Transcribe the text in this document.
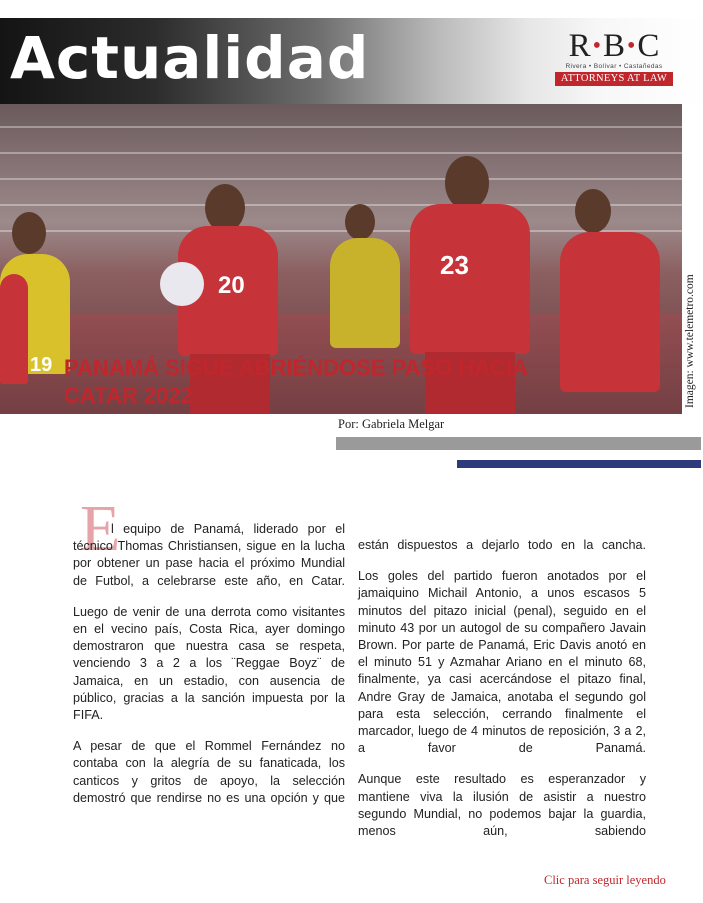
Actualidad	R•B•C
Rivera • Bolívar • Castañedas
ATTORNEYS AT LAW
19
20
23
PANAMÁ SIGUE ABRIÉNDOSE PASO HACIA
CATAR 2022	Imagen: www.telemetro.com
Por: Gabriela Melgar
E

l equipo de Panamá, liderado por el técnico Thomas Christiansen, sigue en la lucha por obtener un pase hacia el próximo Mundial de Futbol, a celebrarse este año, en Catar.

Luego de venir de una derrota como visitantes en el vecino país, Costa Rica, ayer domingo demostraron que nuestra casa se respeta, venciendo 3 a 2 a los ¨Reggae Boyz¨ de Jamaica, en un estadio, con ausencia de público, gracias a la sanción impuesta por la FIFA.

A pesar de que el Rommel Fernández no contaba con la alegría de su fanaticada, los canticos y gritos de apoyo, la selección demostró que rendirse no es una opción y que

están dispuestos a dejarlo todo en la cancha.

Los goles del partido fueron anotados por el jamaiquino Michail Antonio, a unos escasos 5 minutos del pitazo inicial (penal), seguido en el minuto 43 por un autogol de su compañero Javain Brown. Por parte de Panamá, Eric Davis anotó en el minuto 51 y Azmahar Ariano en el minuto 68, finalmente, ya casi acercándose el pitazo final, Andre Gray de Jamaica, anotaba el segundo gol para esta selección, cerrando finalmente el marcador, luego de 4 minutos de reposición, 3 a 2, a favor de Panamá.

Aunque este resultado es esperanzador y mantiene viva la ilusión de asistir a nuestro segundo Mundial, no podemos bajar la guardia, menos aún, sabiendo

Clic para seguir leyendo
